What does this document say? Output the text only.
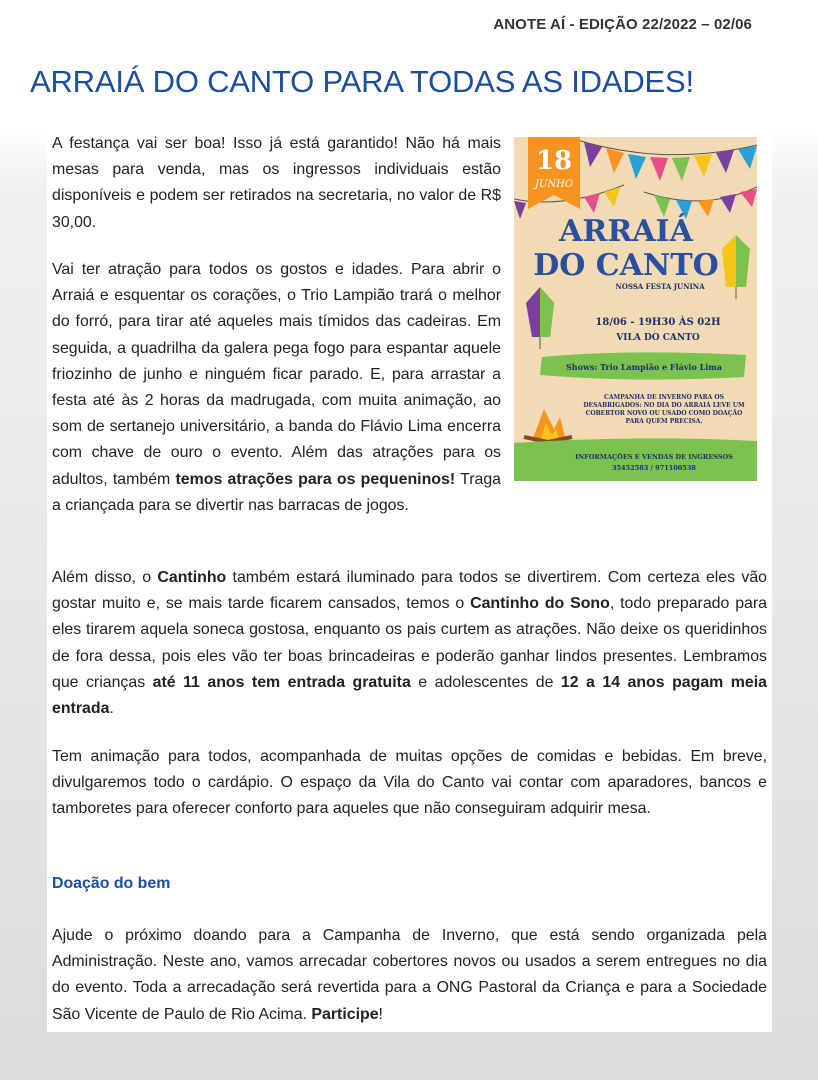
ANOTE AÍ - EDIÇÃO 22/2022 – 02/06
ARRAIÁ DO CANTO PARA TODAS AS IDADES!

A festança vai ser boa! Isso já está garantido! Não há mais mesas para venda, mas os ingressos individuais estão disponíveis e podem ser retirados na secretaria, no valor de R$ 30,00.

Vai ter atração para todos os gostos e idades. Para abrir o Arraiá e esquentar os corações, o Trio Lampião trará o melhor do forró, para tirar até aqueles mais tímidos das cadeiras. Em seguida, a quadrilha da galera pega fogo para espantar aquele friozinho de junho e ninguém ficar parado. E, para arrastar a festa até às 2 horas da madrugada, com muita animação, ao som de sertanejo universitário, a banda do Flávio Lima encerra com chave de ouro o evento. Além das atrações para os adultos, também temos atrações para os pequeninos! Traga a criançada para se divertir nas barracas de jogos.

18
JUNHO
ARRAIÁ
DO CANTO
NOSSA FESTA JUNINA
18/06 - 19H30 ÀS 02H
VILA DO CANTO
Shows: Trio Lampião e Flávio Lima
CAMPANHA DE INVERNO PARA OS
DESABRIGADOS: NO DIA DO ARRAIÁ LEVE UM
COBERTOR NOVO OU USADO COMO DOAÇÃO
PARA QUEM PRECISA.
INFORMAÇÕES E VENDAS DE INGRESSOS
35452583 / 971100538

Além disso, o Cantinho também estará iluminado para todos se divertirem. Com certeza eles vão gostar muito e, se mais tarde ficarem cansados, temos o Cantinho do Sono, todo preparado para eles tirarem aquela soneca gostosa, enquanto os pais curtem as atrações. Não deixe os queridinhos de fora dessa, pois eles vão ter boas brincadeiras e poderão ganhar lindos presentes. Lembramos que crianças até 11 anos tem entrada gratuita e adolescentes de 12 a 14 anos pagam meia entrada.

Tem animação para todos, acompanhada de muitas opções de comidas e bebidas. Em breve, divulgaremos todo o cardápio. O espaço da Vila do Canto vai contar com aparadores, bancos e tamboretes para oferecer conforto para aqueles que não conseguiram adquirir mesa.

Doação do bem

Ajude o próximo doando para a Campanha de Inverno, que está sendo organizada pela Administração. Neste ano, vamos arrecadar cobertores novos ou usados a serem entregues no dia do evento. Toda a arrecadação será revertida para a ONG Pastoral da Criança e para a Sociedade São Vicente de Paulo de Rio Acima. Participe!
